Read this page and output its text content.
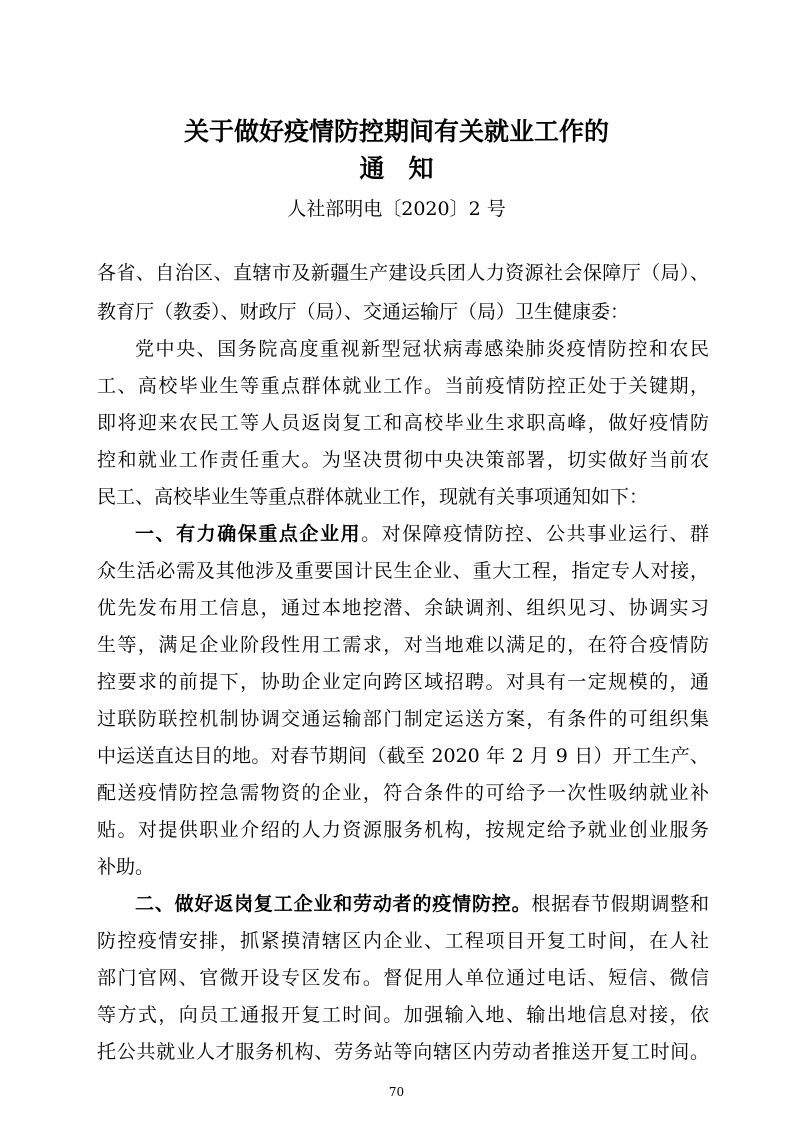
关于做好疫情防控期间有关就业工作的
通知
人社部明电〔2020〕2 号
各省、自治区、直辖市及新疆生产建设兵团人力资源社会保障厅（局）、
教育厅（教委）、财政厅（局）、交通运输厅（局）卫生健康委：
党中央、国务院高度重视新型冠状病毒感染肺炎疫情防控和农民
工、高校毕业生等重点群体就业工作。当前疫情防控正处于关键期，
即将迎来农民工等人员返岗复工和高校毕业生求职高峰，做好疫情防
控和就业工作责任重大。为坚决贯彻中央决策部署，切实做好当前农
民工、高校毕业生等重点群体就业工作，现就有关事项通知如下：
一、有力确保重点企业用。对保障疫情防控、公共事业运行、群
众生活必需及其他涉及重要国计民生企业、重大工程，指定专人对接，
优先发布用工信息，通过本地挖潜、余缺调剂、组织见习、协调实习
生等，满足企业阶段性用工需求，对当地难以满足的，在符合疫情防
控要求的前提下，协助企业定向跨区域招聘。对具有一定规模的，通
过联防联控机制协调交通运输部门制定运送方案，有条件的可组织集
中运送直达目的地。对春节期间（截至 2020 年 2 月 9 日）开工生产、
配送疫情防控急需物资的企业，符合条件的可给予一次性吸纳就业补
贴。对提供职业介绍的人力资源服务机构，按规定给予就业创业服务
补助。
二、做好返岗复工企业和劳动者的疫情防控。根据春节假期调整和
防控疫情安排，抓紧摸清辖区内企业、工程项目开复工时间，在人社
部门官网、官微开设专区发布。督促用人单位通过电话、短信、微信
等方式，向员工通报开复工时间。加强输入地、输出地信息对接，依
托公共就业人才服务机构、劳务站等向辖区内劳动者推送开复工时间。
70
